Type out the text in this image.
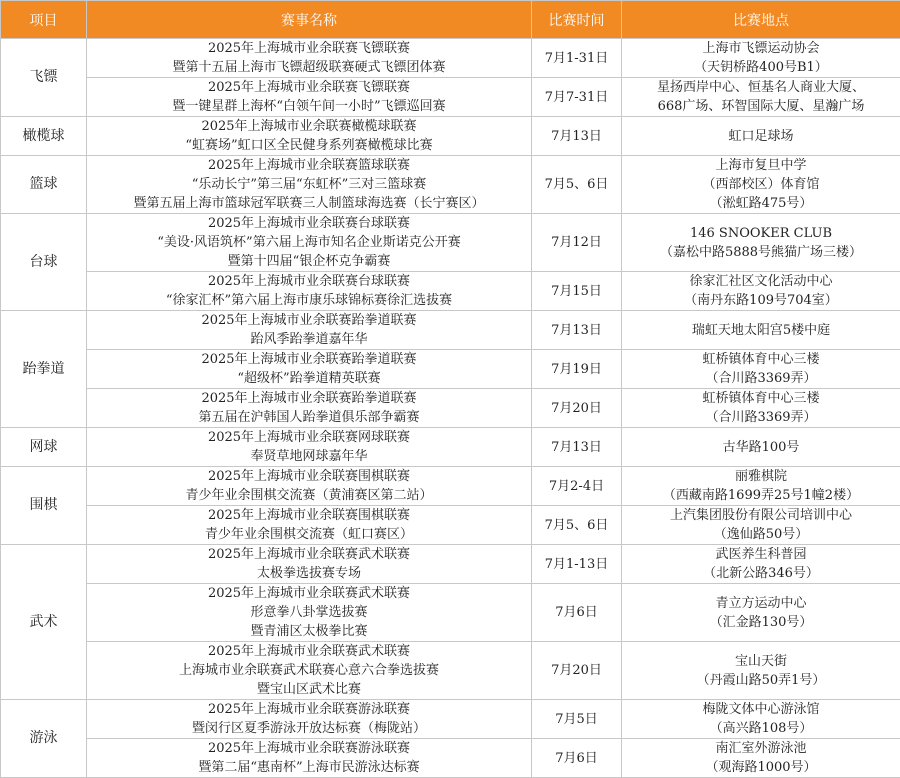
项目	赛事名称	比赛时间	比赛地点
飞镖	2025年上海城市业余联赛飞镖联赛
暨第十五届上海市飞镖超级联赛硬式飞镖团体赛	7月1-31日	上海市飞镖运动协会
（天钥桥路400号B1）

	2025年上海城市业余联赛飞镖联赛
暨一键星群上海杯“白领午间一小时”飞镖巡回赛	7月7-31日	星扬西岸中心、恒基名人商业大厦、
668广场、环智国际大厦、星瀚广场

橄榄球	2025年上海城市业余联赛橄榄球联赛
“虹赛场”虹口区全民健身系列赛橄榄球比赛	7月13日	虹口足球场

篮球	2025年上海城市业余联赛篮球联赛
“乐动长宁”第三届“东虹杯”三对三篮球赛
暨第五届上海市篮球冠军联赛三人制篮球海选赛（长宁赛区）	7月5、6日	上海市复旦中学
（西部校区）体育馆
（淞虹路475号）

台球	2025年上海城市业余联赛台球联赛
“美设·风语筑杯”第六届上海市知名企业斯诺克公开赛
暨第十四届“银企杯克争霸赛	7月12日	146 SNOOKER CLUB
（嘉松中路5888号熊猫广场三楼）

	2025年上海城市业余联赛台球联赛
“徐家汇杯”第六届上海市康乐球锦标赛徐汇选拔赛	7月15日	徐家汇社区文化活动中心
（南丹东路109号704室）

跆拳道	2025年上海城市业余联赛跆拳道联赛
跆风季跆拳道嘉年华	7月13日	瑞虹天地太阳宫5楼中庭

	2025年上海城市业余联赛跆拳道联赛
“超级杯”跆拳道精英联赛	7月19日	虹桥镇体育中心三楼
（合川路3369弄）

	2025年上海城市业余联赛跆拳道联赛
第五届在沪韩国人跆拳道俱乐部争霸赛	7月20日	虹桥镇体育中心三楼
（合川路3369弄）

网球	2025年上海城市业余联赛网球联赛
奉贤草地网球嘉年华	7月13日	古华路100号

围棋	2025年上海城市业余联赛围棋联赛
青少年业余围棋交流赛（黄浦赛区第二站）	7月2-4日	丽雅棋院
（西藏南路1699弄25号1幢2楼）

	2025年上海城市业余联赛围棋联赛
青少年业余围棋交流赛（虹口赛区）	7月5、6日	上汽集团股份有限公司培训中心
（逸仙路50号）

武术	2025年上海城市业余联赛武术联赛
太极拳选拔赛专场	7月1-13日	武医养生科普园
（北新公路346号）

	2025年上海城市业余联赛武术联赛
形意拳八卦掌选拔赛
暨青浦区太极拳比赛	7月6日	青立方运动中心
（汇金路130号）

	2025年上海城市业余联赛武术联赛
上海城市业余联赛武术联赛心意六合拳选拔赛
暨宝山区武术比赛	7月20日	宝山天街
（丹霞山路50弄1号）

游泳	2025年上海城市业余联赛游泳联赛
暨闵行区夏季游泳开放达标赛（梅陇站）	7月5日	梅陇文体中心游泳馆
（高兴路108号）

	2025年上海城市业余联赛游泳联赛
暨第二届“惠南杯”上海市民游泳达标赛	7月6日	南汇室外游泳池
（观海路1000号）
